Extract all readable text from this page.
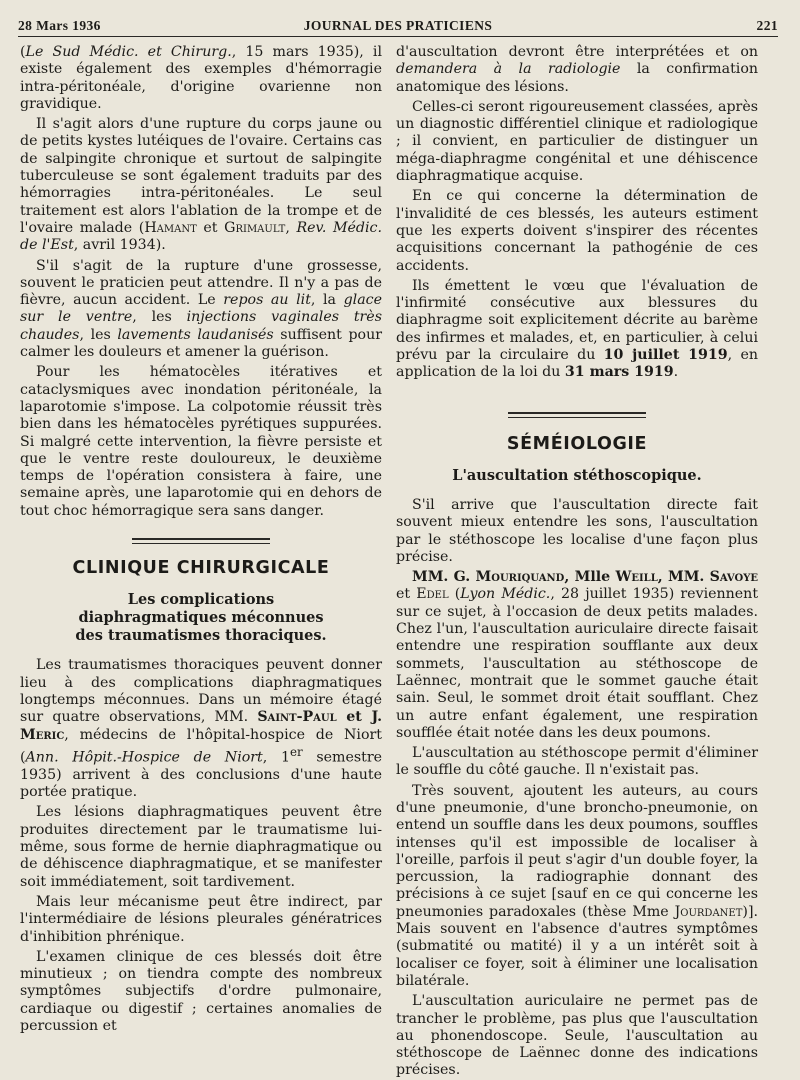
28 Mars 1936	JOURNAL DES PRATICIENS	221

(Le Sud Médic. et Chirurg., 15 mars 1935), il existe également des exemples d'hémorragie intra-péritonéale, d'origine ovarienne non gravidique.

Il s'agit alors d'une rupture du corps jaune ou de petits kystes lutéiques de l'ovaire. Certains cas de salpingite chronique et surtout de salpingite tuberculeuse se sont également traduits par des hémorragies intra-péritonéales. Le seul traitement est alors l'ablation de la trompe et de l'ovaire malade (Hamant et Grimault, Rev. Médic. de l'Est, avril 1934).

S'il s'agit de la rupture d'une grossesse, souvent le praticien peut attendre. Il n'y a pas de fièvre, aucun accident. Le repos au lit, la glace sur le ventre, les injections vaginales très chaudes, les lavements laudanisés suffisent pour calmer les douleurs et amener la guérison.

Pour les hématocèles itératives et cataclysmiques avec inondation péritonéale, la laparotomie s'impose. La colpotomie réussit très bien dans les hématocèles pyrétiques suppurées. Si malgré cette intervention, la fièvre persiste et que le ventre reste douloureux, le deuxième temps de l'opération consistera à faire, une semaine après, une laparotomie qui en dehors de tout choc hémorragique sera sans danger.

CLINIQUE CHIRURGICALE

Les complications
diaphragmatiques méconnues
des traumatismes thoraciques.

Les traumatismes thoraciques peuvent donner lieu à des complications diaphragmatiques longtemps méconnues. Dans un mémoire étagé sur quatre observations, MM. Saint-Paul et J. Meric, médecins de l'hôpital-hospice de Niort (Ann. Hôpit.-Hospice de Niort, 1er semestre 1935) arrivent à des conclusions d'une haute portée pratique.

Les lésions diaphragmatiques peuvent être produites directement par le traumatisme lui-même, sous forme de hernie diaphragmatique ou de déhiscence diaphragmatique, et se manifester soit immédiatement, soit tardivement.

Mais leur mécanisme peut être indirect, par l'intermédiaire de lésions pleurales génératrices d'inhibition phrénique.

L'examen clinique de ces blessés doit être minutieux ; on tiendra compte des nombreux symptômes subjectifs d'ordre pulmonaire, cardiaque ou digestif ; certaines anomalies de percussion et

d'auscultation devront être interprétées et on demandera à la radiologie la confirmation anatomique des lésions.

Celles-ci seront rigoureusement classées, après un diagnostic différentiel clinique et radiologique ; il convient, en particulier de distinguer un méga-diaphragme congénital et une déhiscence diaphragmatique acquise.

En ce qui concerne la détermination de l'invalidité de ces blessés, les auteurs estiment que les experts doivent s'inspirer des récentes acquisitions concernant la pathogénie de ces accidents.

Ils émettent le vœu que l'évaluation de l'infirmité consécutive aux blessures du diaphragme soit explicitement décrite au barème des infirmes et malades, et, en particulier, à celui prévu par la circulaire du 10 juillet 1919, en application de la loi du 31 mars 1919.

SÉMÉIOLOGIE

L'auscultation stéthoscopique.

S'il arrive que l'auscultation directe fait souvent mieux entendre les sons, l'auscultation par le stéthoscope les localise d'une façon plus précise.

MM. G. Mouriquand, Mlle Weill, MM. Savoye et Edel (Lyon Médic., 28 juillet 1935) reviennent sur ce sujet, à l'occasion de deux petits malades. Chez l'un, l'auscultation auriculaire directe faisait entendre une respiration soufflante aux deux sommets, l'auscultation au stéthoscope de Laënnec, montrait que le sommet gauche était sain. Seul, le sommet droit était soufflant. Chez un autre enfant également, une respiration soufflée était notée dans les deux poumons.

L'auscultation au stéthoscope permit d'éliminer le souffle du côté gauche. Il n'existait pas.

Très souvent, ajoutent les auteurs, au cours d'une pneumonie, d'une broncho-pneumonie, on entend un souffle dans les deux poumons, souffles intenses qu'il est impossible de localiser à l'oreille, parfois il peut s'agir d'un double foyer, la percussion, la radiographie donnant des précisions à ce sujet [sauf en ce qui concerne les pneumonies paradoxales (thèse Mme Jourdanet)]. Mais souvent en l'absence d'autres symptômes (submatité ou matité) il y a un intérêt soit à localiser ce foyer, soit à éliminer une localisation bilatérale.

L'auscultation auriculaire ne permet pas de trancher le problème, pas plus que l'auscultation au phonendoscope. Seule, l'auscultation au stéthoscope de Laënnec donne des indications précises.
